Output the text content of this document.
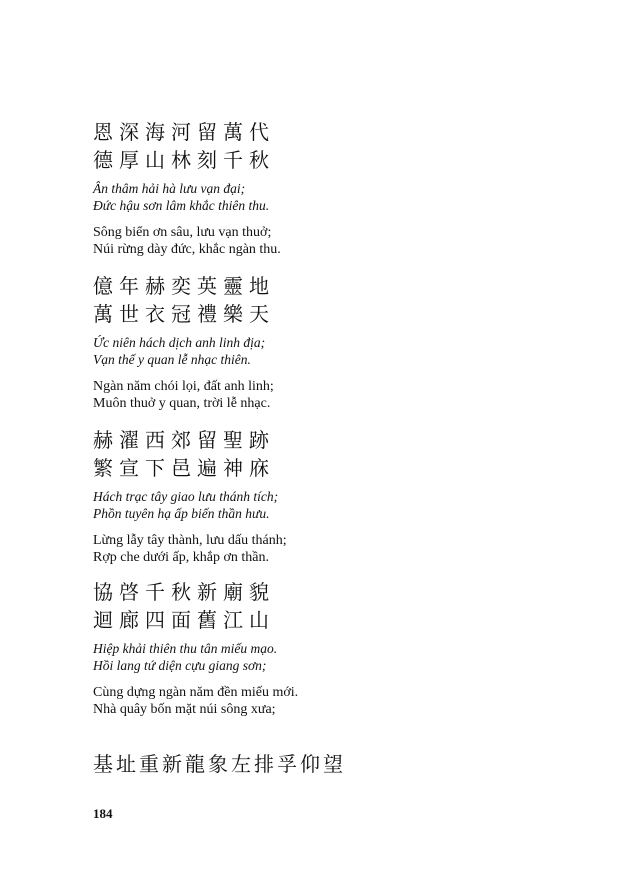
恩深海河留萬代
德厚山林刻千秋
Ân thâm hải hà lưu vạn đại;
Đức hậu sơn lâm khắc thiên thu.
Sông biển ơn sâu, lưu vạn thuở;
Núi rừng dày đức, khắc ngàn thu.
億年赫奕英靈地
萬世衣冠禮樂天
Ức niên hách dịch anh linh địa;
Vạn thế y quan lễ nhạc thiên.
Ngàn năm chói lọi, đất anh linh;
Muôn thuở y quan, trời lễ nhạc.
赫濯西郊留聖跡
繁宣下邑遍神庥
Hách trạc tây giao lưu thánh tích;
Phồn tuyên hạ ấp biến thần hưu.
Lừng lẫy tây thành, lưu dấu thánh;
Rợp che dưới ấp, khắp ơn thần.
協啓千秋新廟貌
迴廊四面舊江山
Hiệp khải thiên thu tân miếu mạo.
Hồi lang tứ diện cựu giang sơn;
Cùng dựng ngàn năm đền miếu mới.
Nhà quây bốn mặt núi sông xưa;
基址重新龍象左排孚仰望
184
